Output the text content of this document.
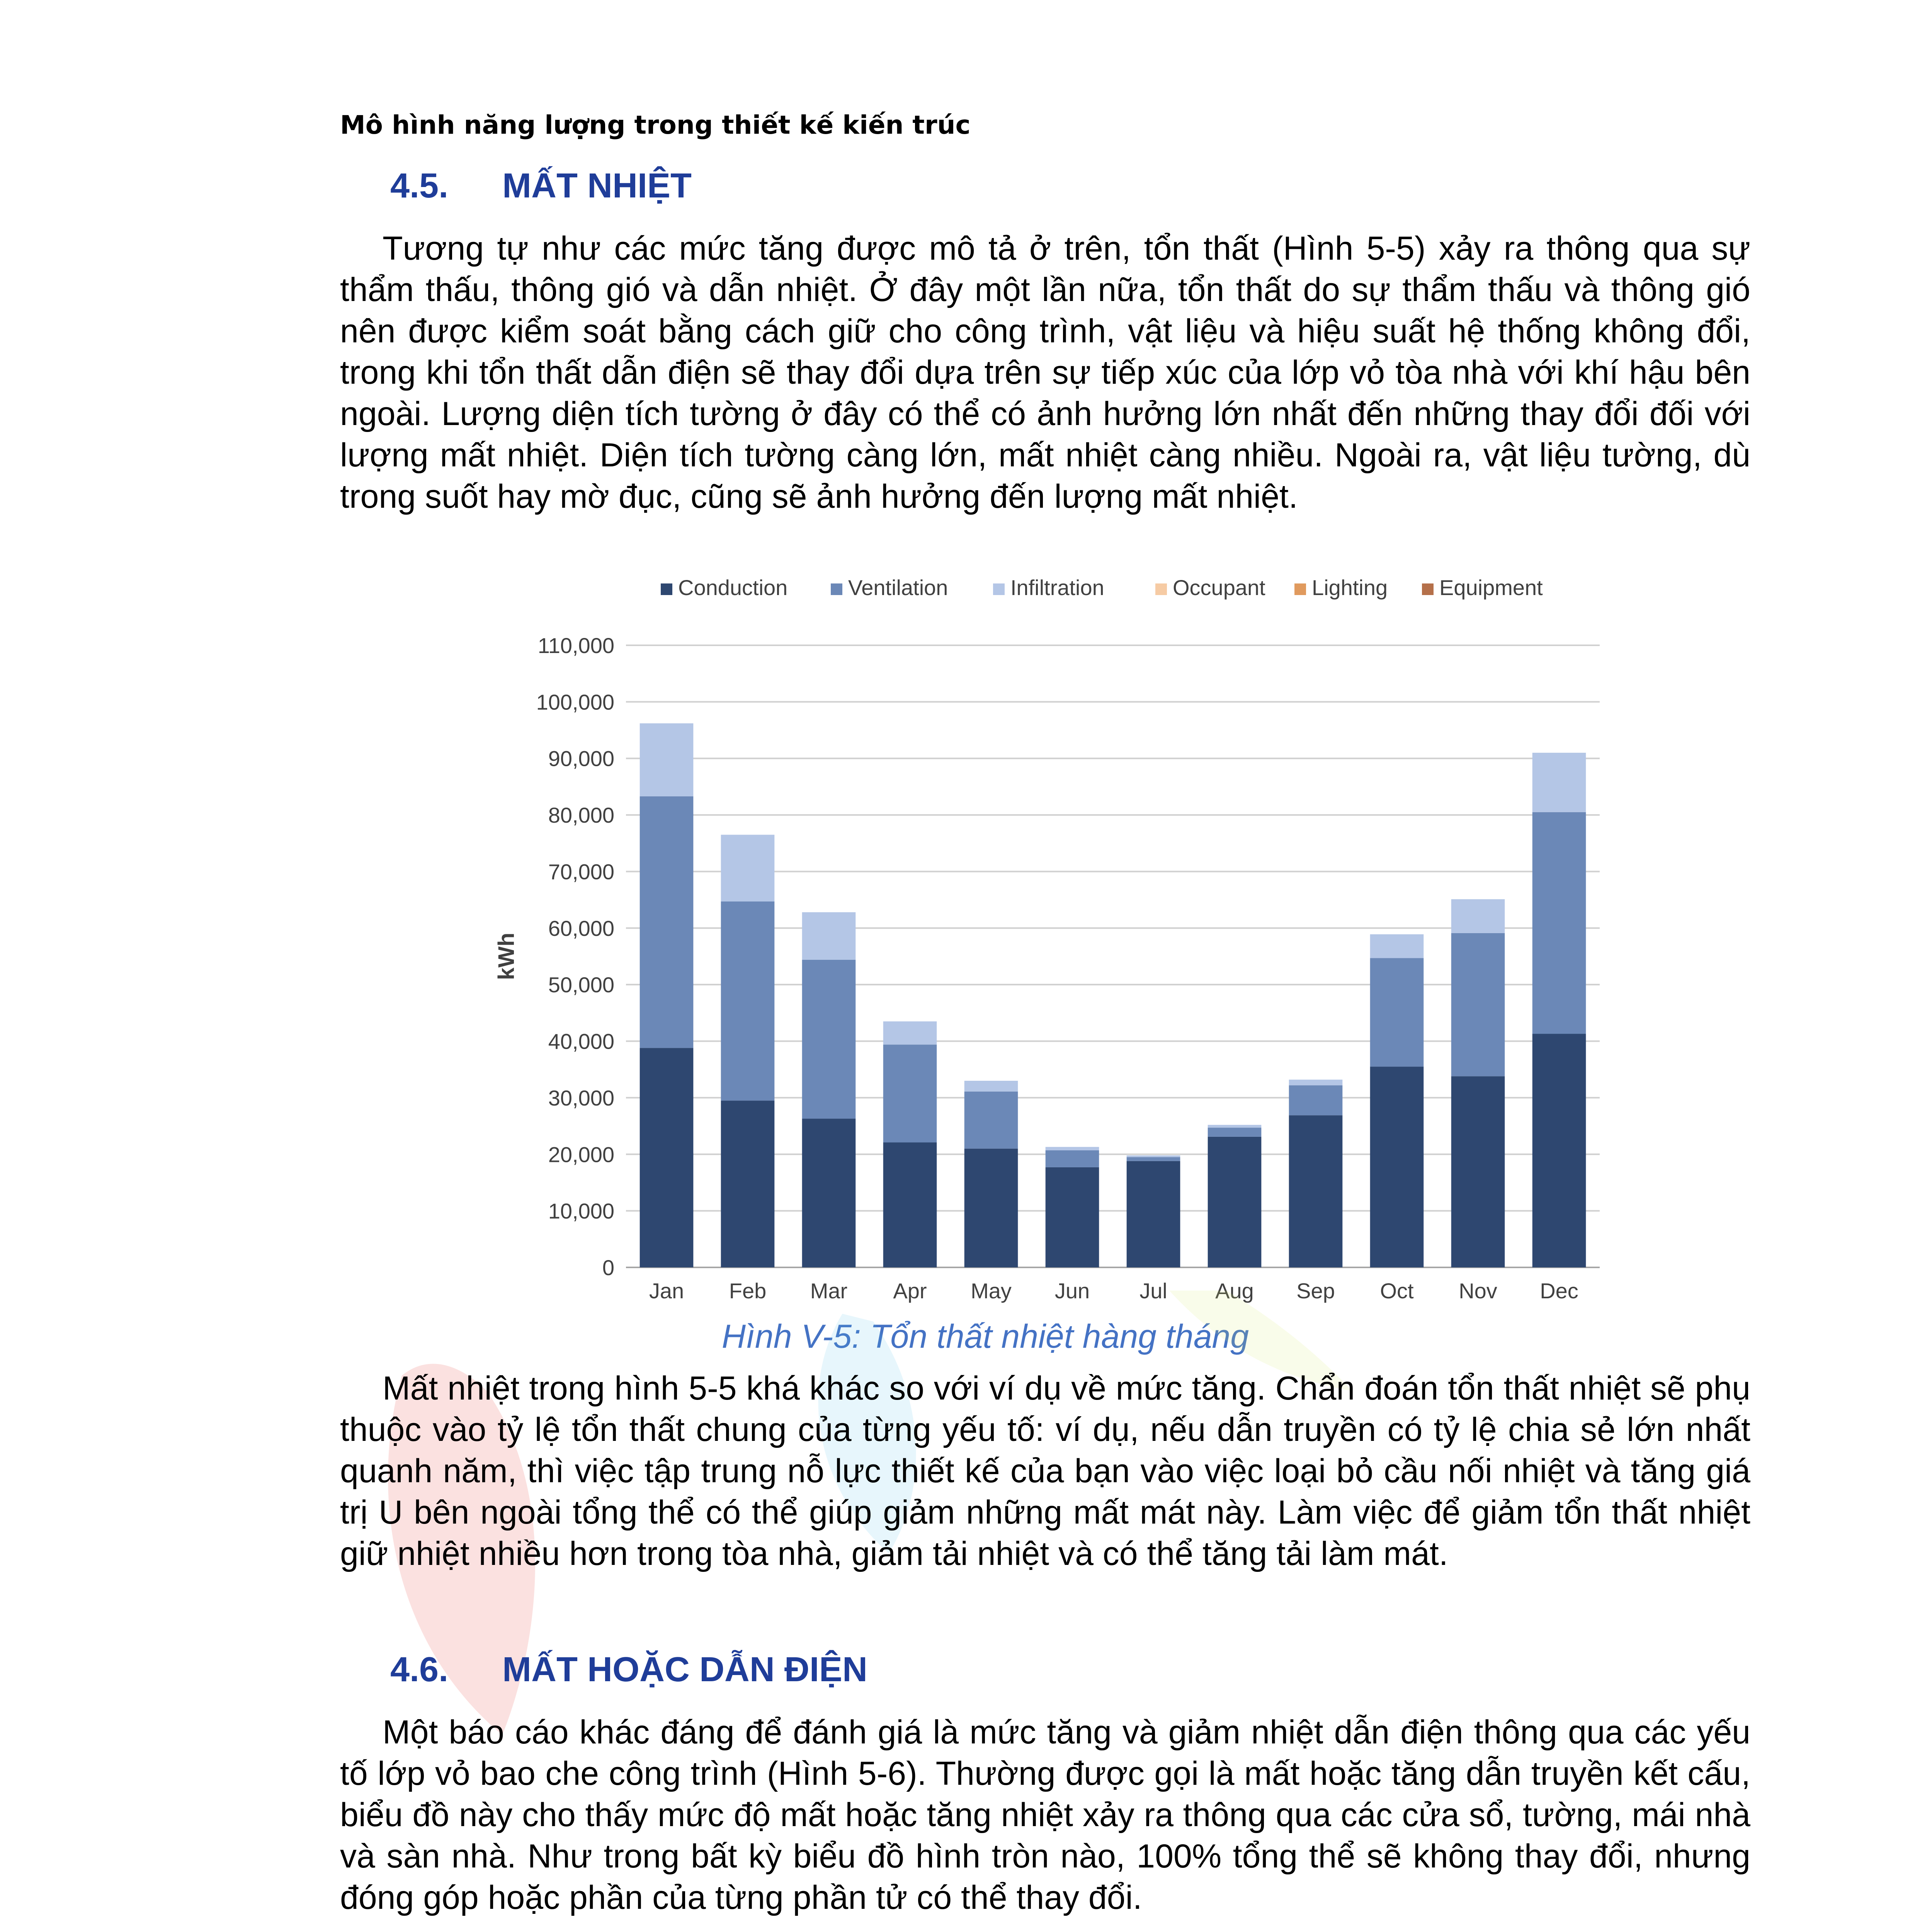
Mô hình năng lượng trong thiết kế kiến trúc
4.5. MẤT NHIỆT
Tương tự như các mức tăng được mô tả ở trên, tổn thất (Hình 5-5) xảy ra thông qua sự thẩm thấu, thông gió và dẫn nhiệt. Ở đây một lần nữa, tổn thất do sự thẩm thấu và thông gió nên được kiểm soát bằng cách giữ cho công trình, vật liệu và hiệu suất hệ thống không đổi, trong khi tổn thất dẫn điện sẽ thay đổi dựa trên sự tiếp xúc của lớp vỏ tòa nhà với khí hậu bên ngoài. Lượng diện tích tường ở đây có thể có ảnh hưởng lớn nhất đến những thay đổi đối với lượng mất nhiệt. Diện tích tường càng lớn, mất nhiệt càng nhiều. Ngoài ra, vật liệu tường, dù trong suốt hay mờ đục, cũng sẽ ảnh hưởng đến lượng mất nhiệt.
0
10,000
20,000
30,000
40,000
50,000
60,000
70,000
80,000
90,000
100,000
110,000
kWh
Jan Feb Mar Apr May Jun Jul Aug Sep Oct Nov Dec
Conduction	Ventilation	Infiltration	Occupant Lighting Equipment
Hình V-5: Tổn thất nhiệt hàng tháng
Mất nhiệt trong hình 5-5 khá khác so với ví dụ về mức tăng. Chẩn đoán tổn thất nhiệt sẽ phụ thuộc vào tỷ lệ tổn thất chung của từng yếu tố: ví dụ, nếu dẫn truyền có tỷ lệ chia sẻ lớn nhất quanh năm, thì việc tập trung nỗ lực thiết kế của bạn vào việc loại bỏ cầu nối nhiệt và tăng giá trị U bên ngoài tổng thể có thể giúp giảm những mất mát này. Làm việc để giảm tổn thất nhiệt giữ nhiệt nhiều hơn trong tòa nhà, giảm tải nhiệt và có thể tăng tải làm mát.
4.6. MẤT HOẶC DẪN ĐIỆN
Một báo cáo khác đáng để đánh giá là mức tăng và giảm nhiệt dẫn điện thông qua các yếu tố lớp vỏ bao che công trình (Hình 5-6). Thường được gọi là mất hoặc tăng dẫn truyền kết cấu, biểu đồ này cho thấy mức độ mất hoặc tăng nhiệt xảy ra thông qua các cửa sổ, tường, mái nhà và sàn nhà. Như trong bất kỳ biểu đồ hình tròn nào, 100% tổng thể sẽ không thay đổi, nhưng đóng góp hoặc phần của từng phần tử có thể thay đổi.
